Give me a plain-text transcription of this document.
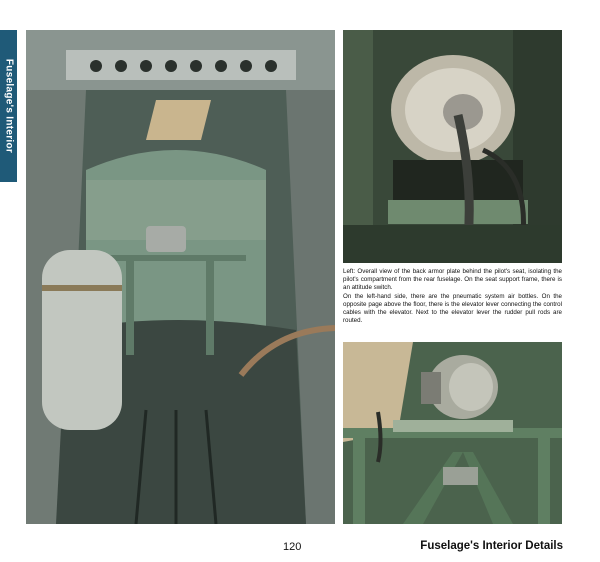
Fuselage's Interior

Left: Overall view of the back armor plate behind the pilot's seat, isolating the pilot's compartment from the rear fuselage. On the seat support frame, there is an attitude switch.

On the left-hand side, there are the pneumatic system air bottles. On the opposite page above the floor, there is the elevator lever connecting the control cables with the elevator. Next to the elevator lever the rudder pull rods are routed.

120	Fuselage's Interior Details
